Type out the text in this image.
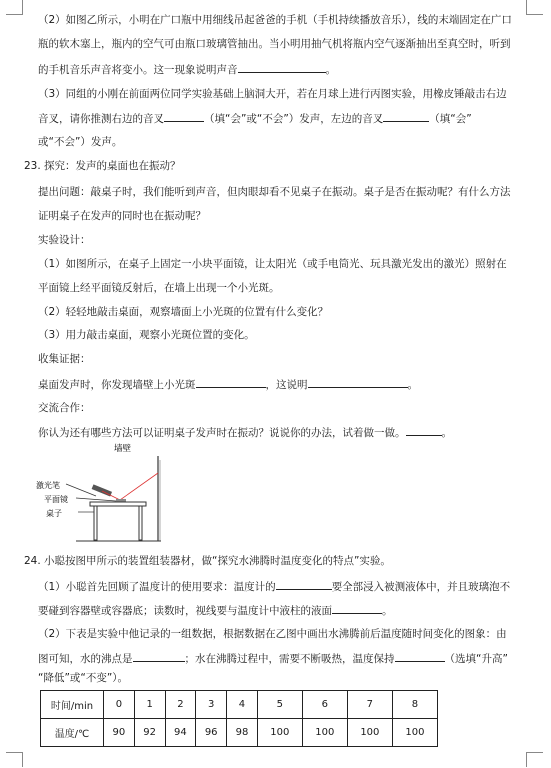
（2）如图乙所示，小明在广口瓶中用细线吊起爸爸的手机（手机持续播放音乐），线的末端固定在广口
瓶的软木塞上，瓶内的空气可由瓶口玻璃管抽出。当小明用抽气机将瓶内空气逐渐抽出至真空时，听到
的手机音乐声音将变小。这一现象说明声音	。
（3）同组的小刚在前面两位同学实验基础上脑洞大开，若在月球上进行丙图实验，用橡皮锤敲击右边
音叉，请你推测右边的音叉	（填“会”或“不会”）发声，左边的音叉	（填“会”
或“不会”）发声。
23. 探究：发声的桌面也在振动？
提出问题：敲桌子时，我们能听到声音，但肉眼却看不见桌子在振动。桌子是否在振动呢？有什么方法
证明桌子在发声的同时也在振动呢？
实验设计：
（1）如图所示，在桌子上固定一小块平面镜，让太阳光（或手电筒光、玩具激光发出的激光）照射在
平面镜上经平面镜反射后，在墙上出现一个小光斑。
（2）轻轻地敲击桌面，观察墙面上小光斑的位置有什么变化？
（3）用力敲击桌面，观察小光斑位置的变化。
收集证据：
桌面发声时，你发现墙壁上小光斑	，这说明	。
交流合作：
你认为还有哪些方法可以证明桌子发声时在振动？说说你的办法，试着做一做。	。
墙壁
激光笔
平面镜
桌子
24. 小聪按图甲所示的装置组装器材，做“探究水沸腾时温度变化的特点”实验。
（1）小聪首先回顾了温度计的使用要求：温度计的	要全部浸入被测液体中，并且玻璃泡不
要碰到容器壁或容器底；读数时，视线要与温度计中液柱的液面	。
（2）下表是实验中他记录的一组数据，根据数据在乙图中画出水沸腾前后温度随时间变化的图象：由
图可知，水的沸点是	；水在沸腾过程中，需要不断吸热，温度保持	（选填“升高”
“降低”或“不变”）。
时间/min	0	1	2	3	4	5	6	7	8
温度/℃	90	92	94	96	98	100	100	100	100
